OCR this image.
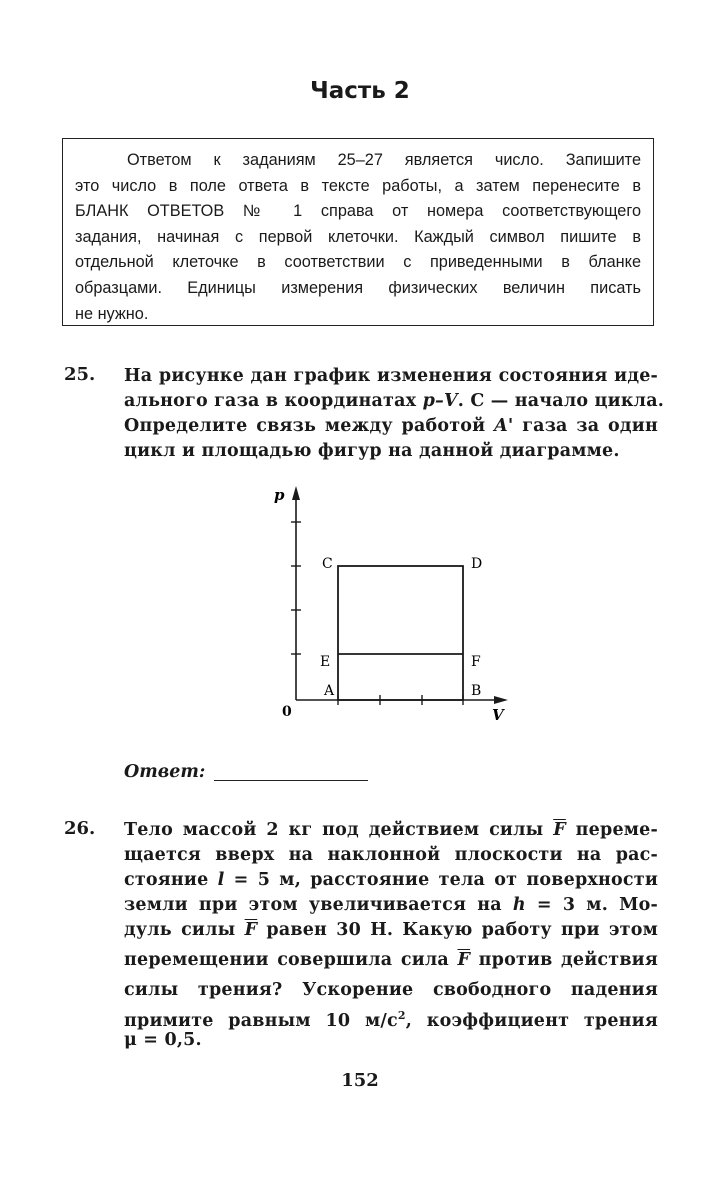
Часть 2
Ответом к заданиям 25–27 является число. Запишите
это число в поле ответа в тексте работы, а затем перенесите в
БЛАНК ОТВЕТОВ № 1 справа от номера соответствующего
задания, начиная с первой клеточки. Каждый символ пишите в
отдельной клеточке в соответствии с приведенными в бланке
образцами. Единицы измерения физических величин писать
не нужно.
25. На рисунке дан график изменения состояния иде-
ального газа в координатах p–V. С — начало цикла.
Определите связь между работой A' газа за один
цикл и площадью фигур на данной диаграмме.
p
V
0
C	D
E	F
A	B
Ответ:
26. Тело массой 2 кг под действием силы $\overline{F}$ переме-
щается вверх на наклонной плоскости на рас-
стояние l = 5 м, расстояние тела от поверхности
земли при этом увеличивается на h = 3 м. Мо-
дуль силы $\overline{F}$ равен 30 Н. Какую работу при этом
перемещении совершила сила $\overline{F}$ против действия
силы трения? Ускорение свободного падения
примите равным 10 $м/с^2$, коэффициент трения
μ = 0,5.
152
